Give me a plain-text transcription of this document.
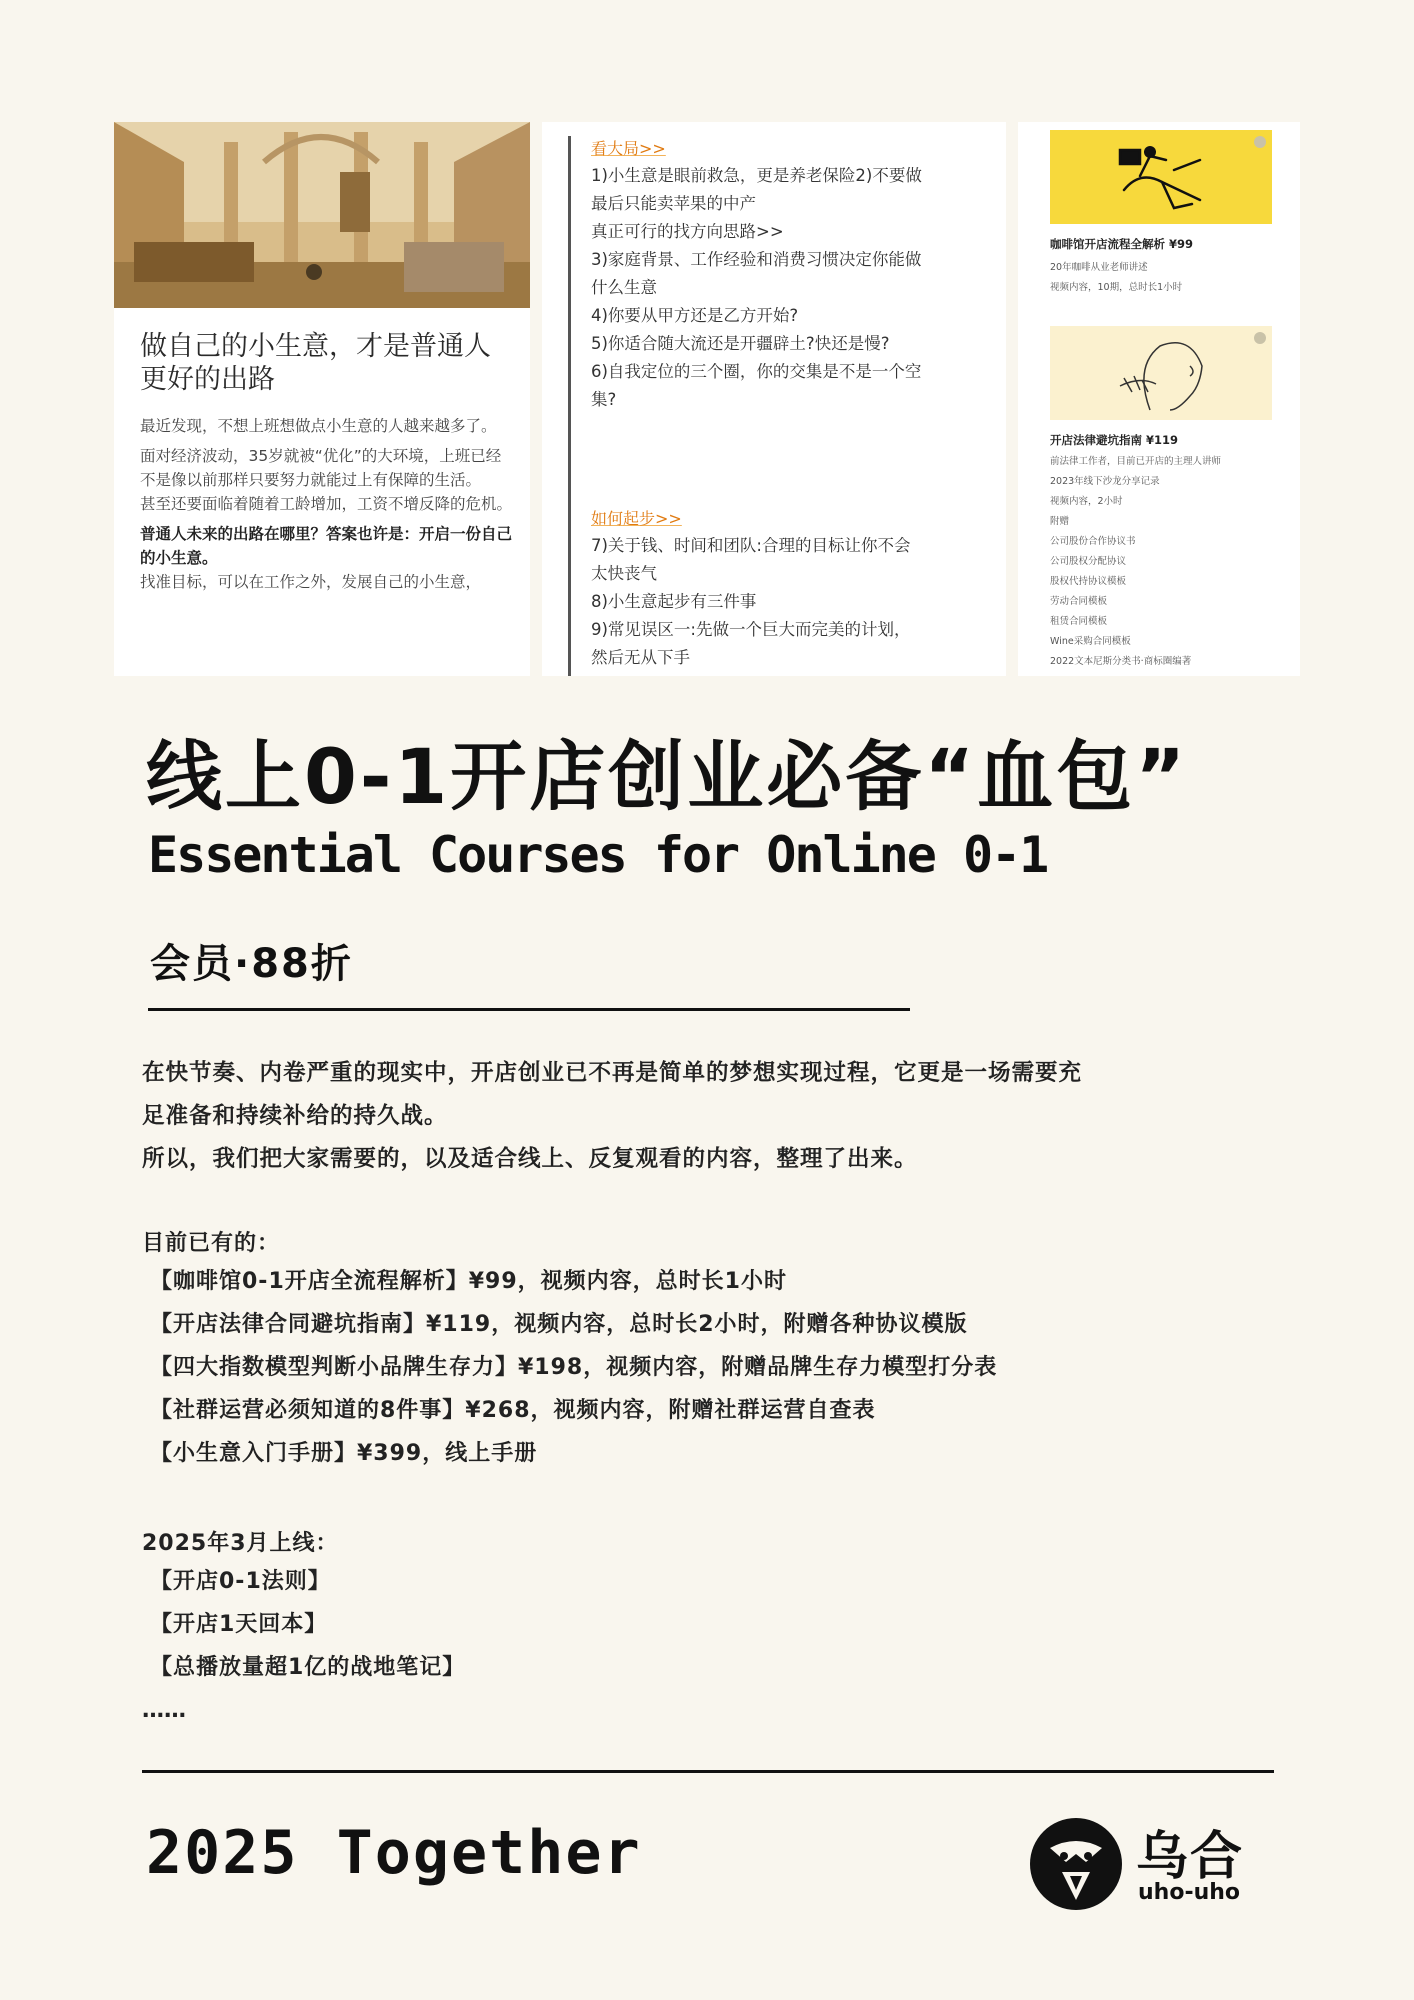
做自己的小生意，才是普通人更好的出路

最近发现，不想上班想做点小生意的人越来越多了。

面对经济波动，35岁就被“优化”的大环境，上班已经不是像以前那样只要努力就能过上有保障的生活。

甚至还要面临着随着工龄增加，工资不增反降的危机。

普通人未来的出路在哪里？答案也许是：开启一份自己的小生意。

找准目标，可以在工作之外，发展自己的小生意，

看大局>>
1)小生意是眼前救急，更是养老保险2)不要做
最后只能卖苹果的中产
真正可行的找方向思路>>
3)家庭背景、工作经验和消费习惯决定你能做
什么生意
4)你要从甲方还是乙方开始?
5)你适合随大流还是开疆辟土?快还是慢?
6)自我定位的三个圈，你的交集是不是一个空
集?
如何起步>>
7)关于钱、时间和团队:合理的目标让你不会
太快丧气
8)小生意起步有三件事
9)常见误区一:先做一个巨大而完美的计划，
然后无从下手
咖啡馆开店流程全解析 ¥99
20年咖啡从业老师讲述
视频内容，10期，总时长1小时
开店法律避坑指南 ¥119
前法律工作者，目前已开店的主理人讲师
2023年线下沙龙分享记录
视频内容，2小时
附赠
公司股份合作协议书
公司股权分配协议
股权代持协议模板
劳动合同模板
租赁合同模板
Wine采购合同模板
2022文本尼斯分类书·商标圈编著
线上0-1开店创业必备“血包”
Essential Courses for Online 0-1
会员·88折
在快节奏、内卷严重的现实中，开店创业已不再是简单的梦想实现过程，它更是一场需要充
足准备和持续补给的持久战。
所以，我们把大家需要的，以及适合线上、反复观看的内容，整理了出来。
目前已有的：
【咖啡馆0-1开店全流程解析】¥99，视频内容，总时长1小时
【开店法律合同避坑指南】¥119，视频内容，总时长2小时，附赠各种协议模版
【四大指数模型判断小品牌生存力】¥198，视频内容，附赠品牌生存力模型打分表
【社群运营必须知道的8件事】¥268，视频内容，附赠社群运营自查表
【小生意入门手册】¥399，线上手册
2025年3月上线：
【开店0-1法则】
【开店1天回本】
【总播放量超1亿的战地笔记】
……
2025 Together	乌合
uho-uho
